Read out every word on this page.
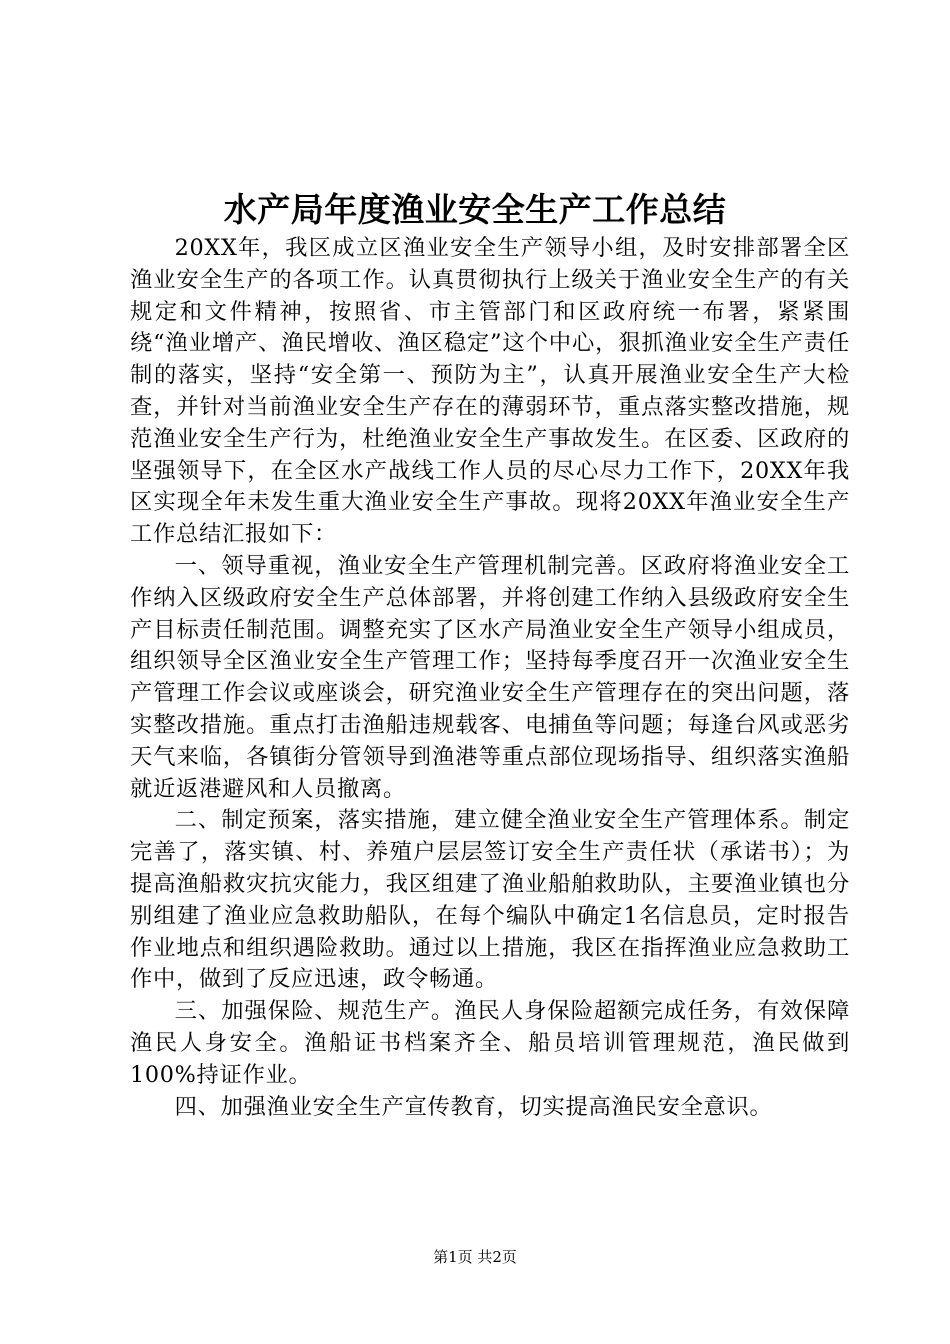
水产局年度渔业安全生产工作总结

20XX年，我区成立区渔业安全生产领导小组，及时安排部署全区渔业安全生产的各项工作。认真贯彻执行上级关于渔业安全生产的有关规定和文件精神，按照省、市主管部门和区政府统一布署，紧紧围绕“渔业增产、渔民增收、渔区稳定”这个中心，狠抓渔业安全生产责任制的落实，坚持“安全第一、预防为主”，认真开展渔业安全生产大检查，并针对当前渔业安全生产存在的薄弱环节，重点落实整改措施，规范渔业安全生产行为，杜绝渔业安全生产事故发生。在区委、区政府的坚强领导下，在全区水产战线工作人员的尽心尽力工作下，20XX年我区实现全年未发生重大渔业安全生产事故。现将20XX年渔业安全生产工作总结汇报如下：

一、领导重视，渔业安全生产管理机制完善。区政府将渔业安全工作纳入区级政府安全生产总体部署，并将创建工作纳入县级政府安全生产目标责任制范围。调整充实了区水产局渔业安全生产领导小组成员，组织领导全区渔业安全生产管理工作；坚持每季度召开一次渔业安全生产管理工作会议或座谈会，研究渔业安全生产管理存在的突出问题，落实整改措施。重点打击渔船违规载客、电捕鱼等问题；每逢台风或恶劣天气来临，各镇街分管领导到渔港等重点部位现场指导、组织落实渔船就近返港避风和人员撤离。

二、制定预案，落实措施，建立健全渔业安全生产管理体系。制定完善了，落实镇、村、养殖户层层签订安全生产责任状（承诺书）；为提高渔船救灾抗灾能力，我区组建了渔业船舶救助队，主要渔业镇也分别组建了渔业应急救助船队，在每个编队中确定1名信息员，定时报告作业地点和组织遇险救助。通过以上措施，我区在指挥渔业应急救助工作中，做到了反应迅速，政令畅通。

三、加强保险、规范生产。渔民人身保险超额完成任务，有效保障渔民人身安全。渔船证书档案齐全、船员培训管理规范，渔民做到100%持证作业。

四、加强渔业安全生产宣传教育，切实提高渔民安全意识。

第1页 共2页
